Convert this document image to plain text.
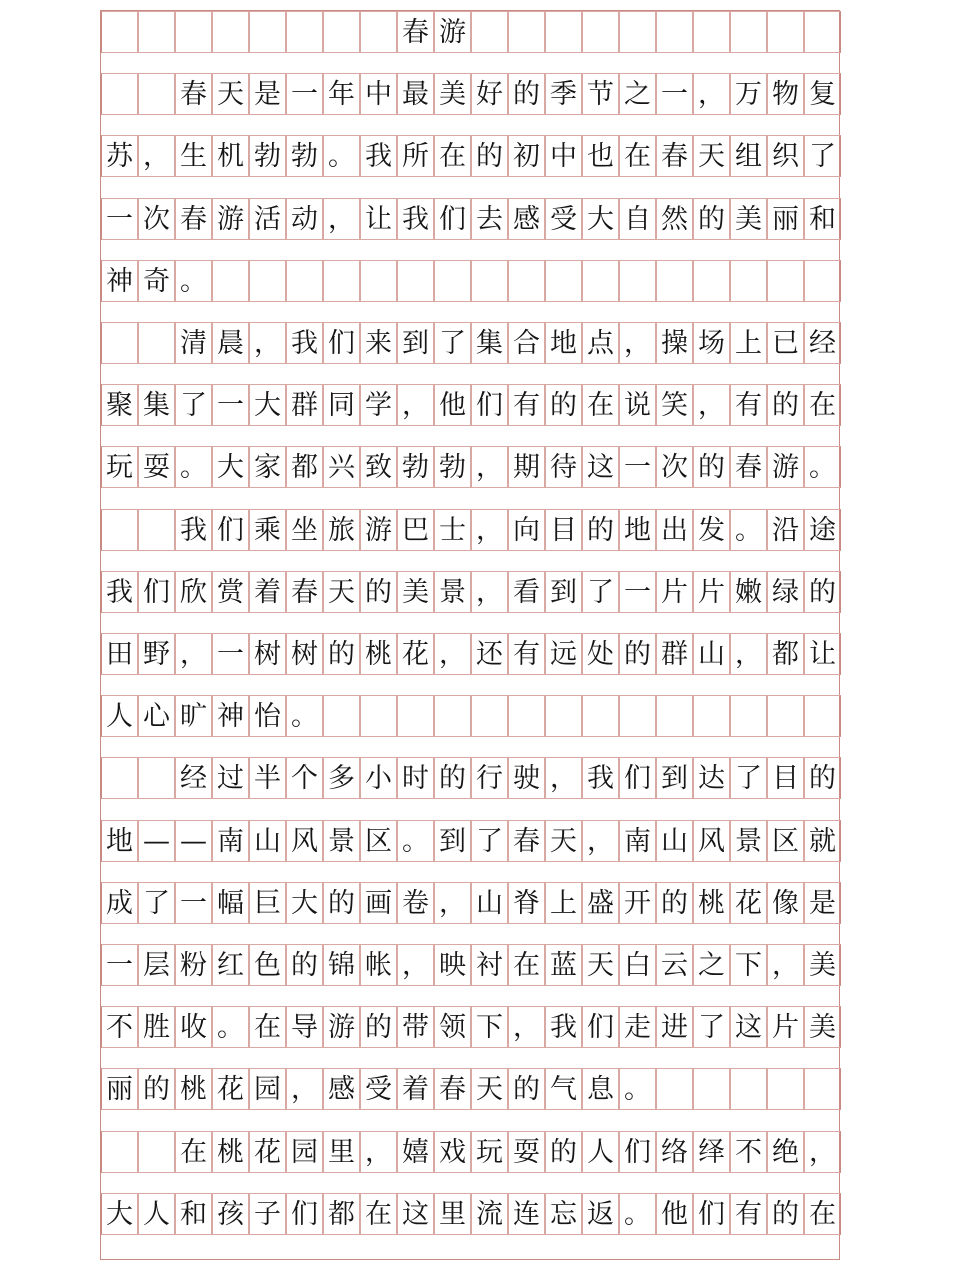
春 游
春 天 是 一 年 中 最 美 好 的 季 节 之 一 ， 万 物 复
苏 ， 生 机 勃 勃 。 我 所 在 的 初 中 也 在 春 天 组 织 了
一 次 春 游 活 动 ， 让 我 们 去 感 受 大 自 然 的 美 丽 和
神 奇 。
清 晨 ， 我 们 来 到 了 集 合 地 点 ， 操 场 上 已 经
聚 集 了 一 大 群 同 学 ， 他 们 有 的 在 说 笑 ， 有 的 在
玩 耍 。 大 家 都 兴 致 勃 勃 ， 期 待 这 一 次 的 春 游 。
我 们 乘 坐 旅 游 巴 士 ， 向 目 的 地 出 发 。 沿 途
我 们 欣 赏 着 春 天 的 美 景 ， 看 到 了 一 片 片 嫩 绿 的
田 野 ， 一 树 树 的 桃 花 ， 还 有 远 处 的 群 山 ， 都 让
人 心 旷 神 怡 。
经 过 半 个 多 小 时 的 行 驶 ， 我 们 到 达 了 目 的
地 — — 南 山 风 景 区 。 到 了 春 天 ， 南 山 风 景 区 就
成 了 一 幅 巨 大 的 画 卷 ， 山 脊 上 盛 开 的 桃 花 像 是
一 层 粉 红 色 的 锦 帐 ， 映 衬 在 蓝 天 白 云 之 下 ， 美
不 胜 收 。 在 导 游 的 带 领 下 ， 我 们 走 进 了 这 片 美
丽 的 桃 花 园 ， 感 受 着 春 天 的 气 息 。
在 桃 花 园 里 ， 嬉 戏 玩 耍 的 人 们 络 绎 不 绝 ，
大 人 和 孩 子 们 都 在 这 里 流 连 忘 返 。 他 们 有 的 在
